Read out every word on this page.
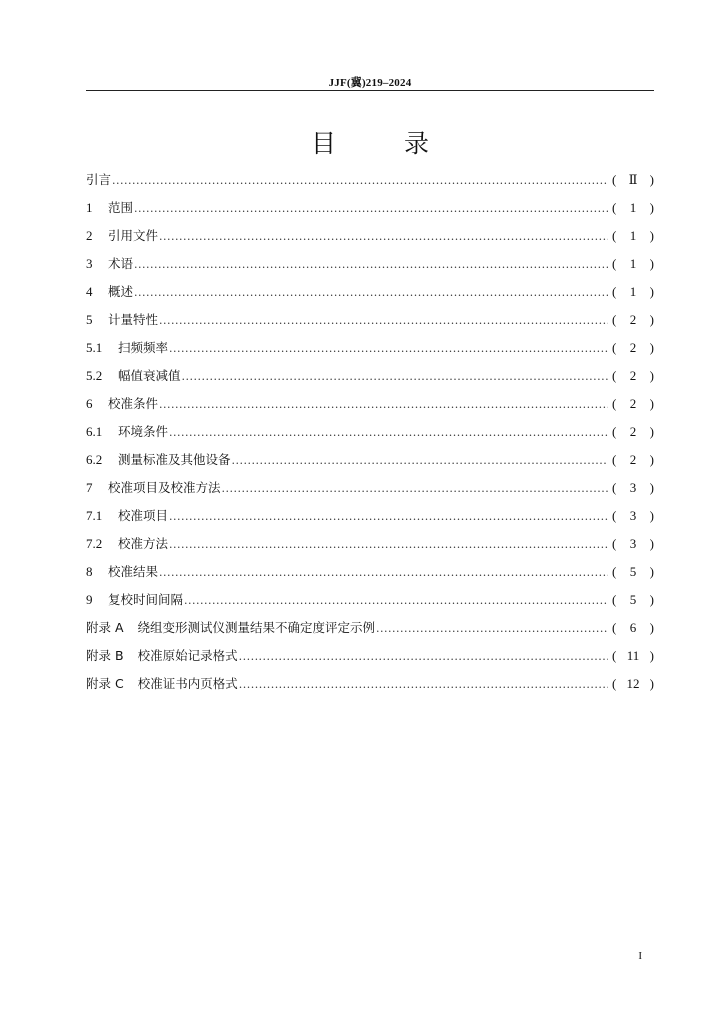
JJF(冀)219–2024
目 录
引言 .....	( Ⅱ )
1	范围 .....	(	1	)
2	引用文件 .....	(	1	)
3	术语 .....	(	1	)
4	概述 .....	(	1	)
5	计量特性 .....	(	2	)
5.1	扫频频率 .....	(	2	)
5.2	幅值衰减值 .....	(	2	)
6	校准条件 .....	(	2	)
6.1	环境条件 .....	(	2	)
6.2	测量标准及其他设备 .....	(	2	)
7	校准项目及校准方法 .....	(	3	)
7.1	校准项目 .....	(	3	)
7.2	校准方法 .....	(	3	)
8	校准结果 .....	(	5	)
9	复校时间间隔 .....	(	5	)
附录 A	绕组变形测试仪测量结果不确定度评定示例 .....	(	6	)
附录 B	校准原始记录格式 .....	( 11 )
附录 C	校准证书内页格式 .....	( 12 )
I
